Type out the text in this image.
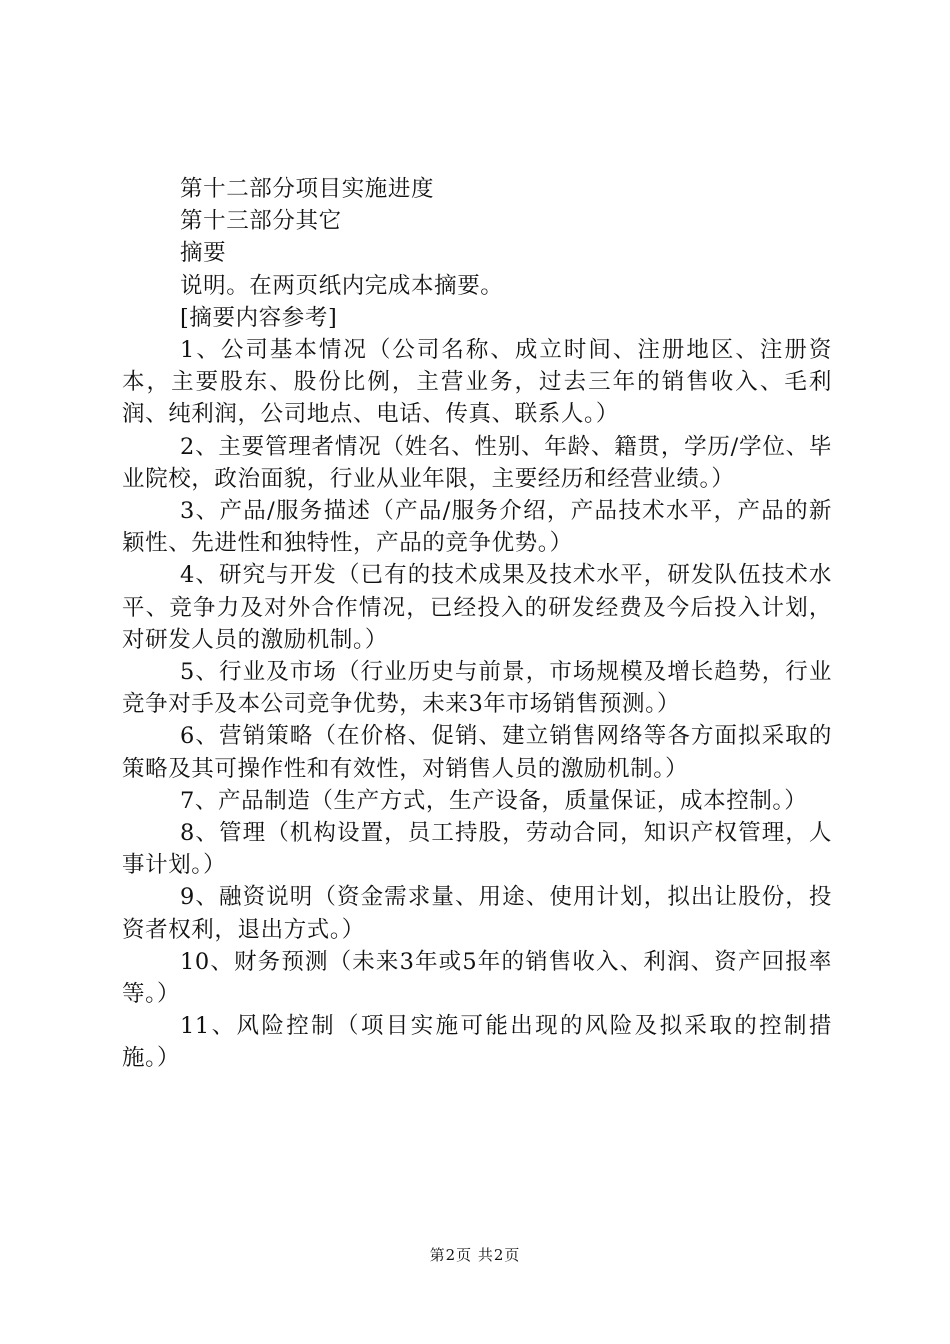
第十二部分项目实施进度

第十三部分其它

摘要

说明。在两页纸内完成本摘要。

[摘要内容参考]

1、公司基本情况（公司名称、成立时间、注册地区、注册资本，主要股东、股份比例，主营业务，过去三年的销售收入、毛利润、纯利润，公司地点、电话、传真、联系人。）

2、主要管理者情况（姓名、性别、年龄、籍贯，学历/学位、毕业院校，政治面貌，行业从业年限，主要经历和经营业绩。）

3、产品/服务描述（产品/服务介绍，产品技术水平，产品的新颖性、先进性和独特性，产品的竞争优势。）

4、研究与开发（已有的技术成果及技术水平，研发队伍技术水平、竞争力及对外合作情况，已经投入的研发经费及今后投入计划，对研发人员的激励机制。）

5、行业及市场（行业历史与前景，市场规模及增长趋势，行业竞争对手及本公司竞争优势，未来3年市场销售预测。）

6、营销策略（在价格、促销、建立销售网络等各方面拟采取的策略及其可操作性和有效性，对销售人员的激励机制。）

7、产品制造（生产方式，生产设备，质量保证，成本控制。）

8、管理（机构设置，员工持股，劳动合同，知识产权管理，人事计划。）

9、融资说明（资金需求量、用途、使用计划，拟出让股份，投资者权利，退出方式。）

10、财务预测（未来3年或5年的销售收入、利润、资产回报率等。）

11、风险控制（项目实施可能出现的风险及拟采取的控制措施。）

第2页 共2页
